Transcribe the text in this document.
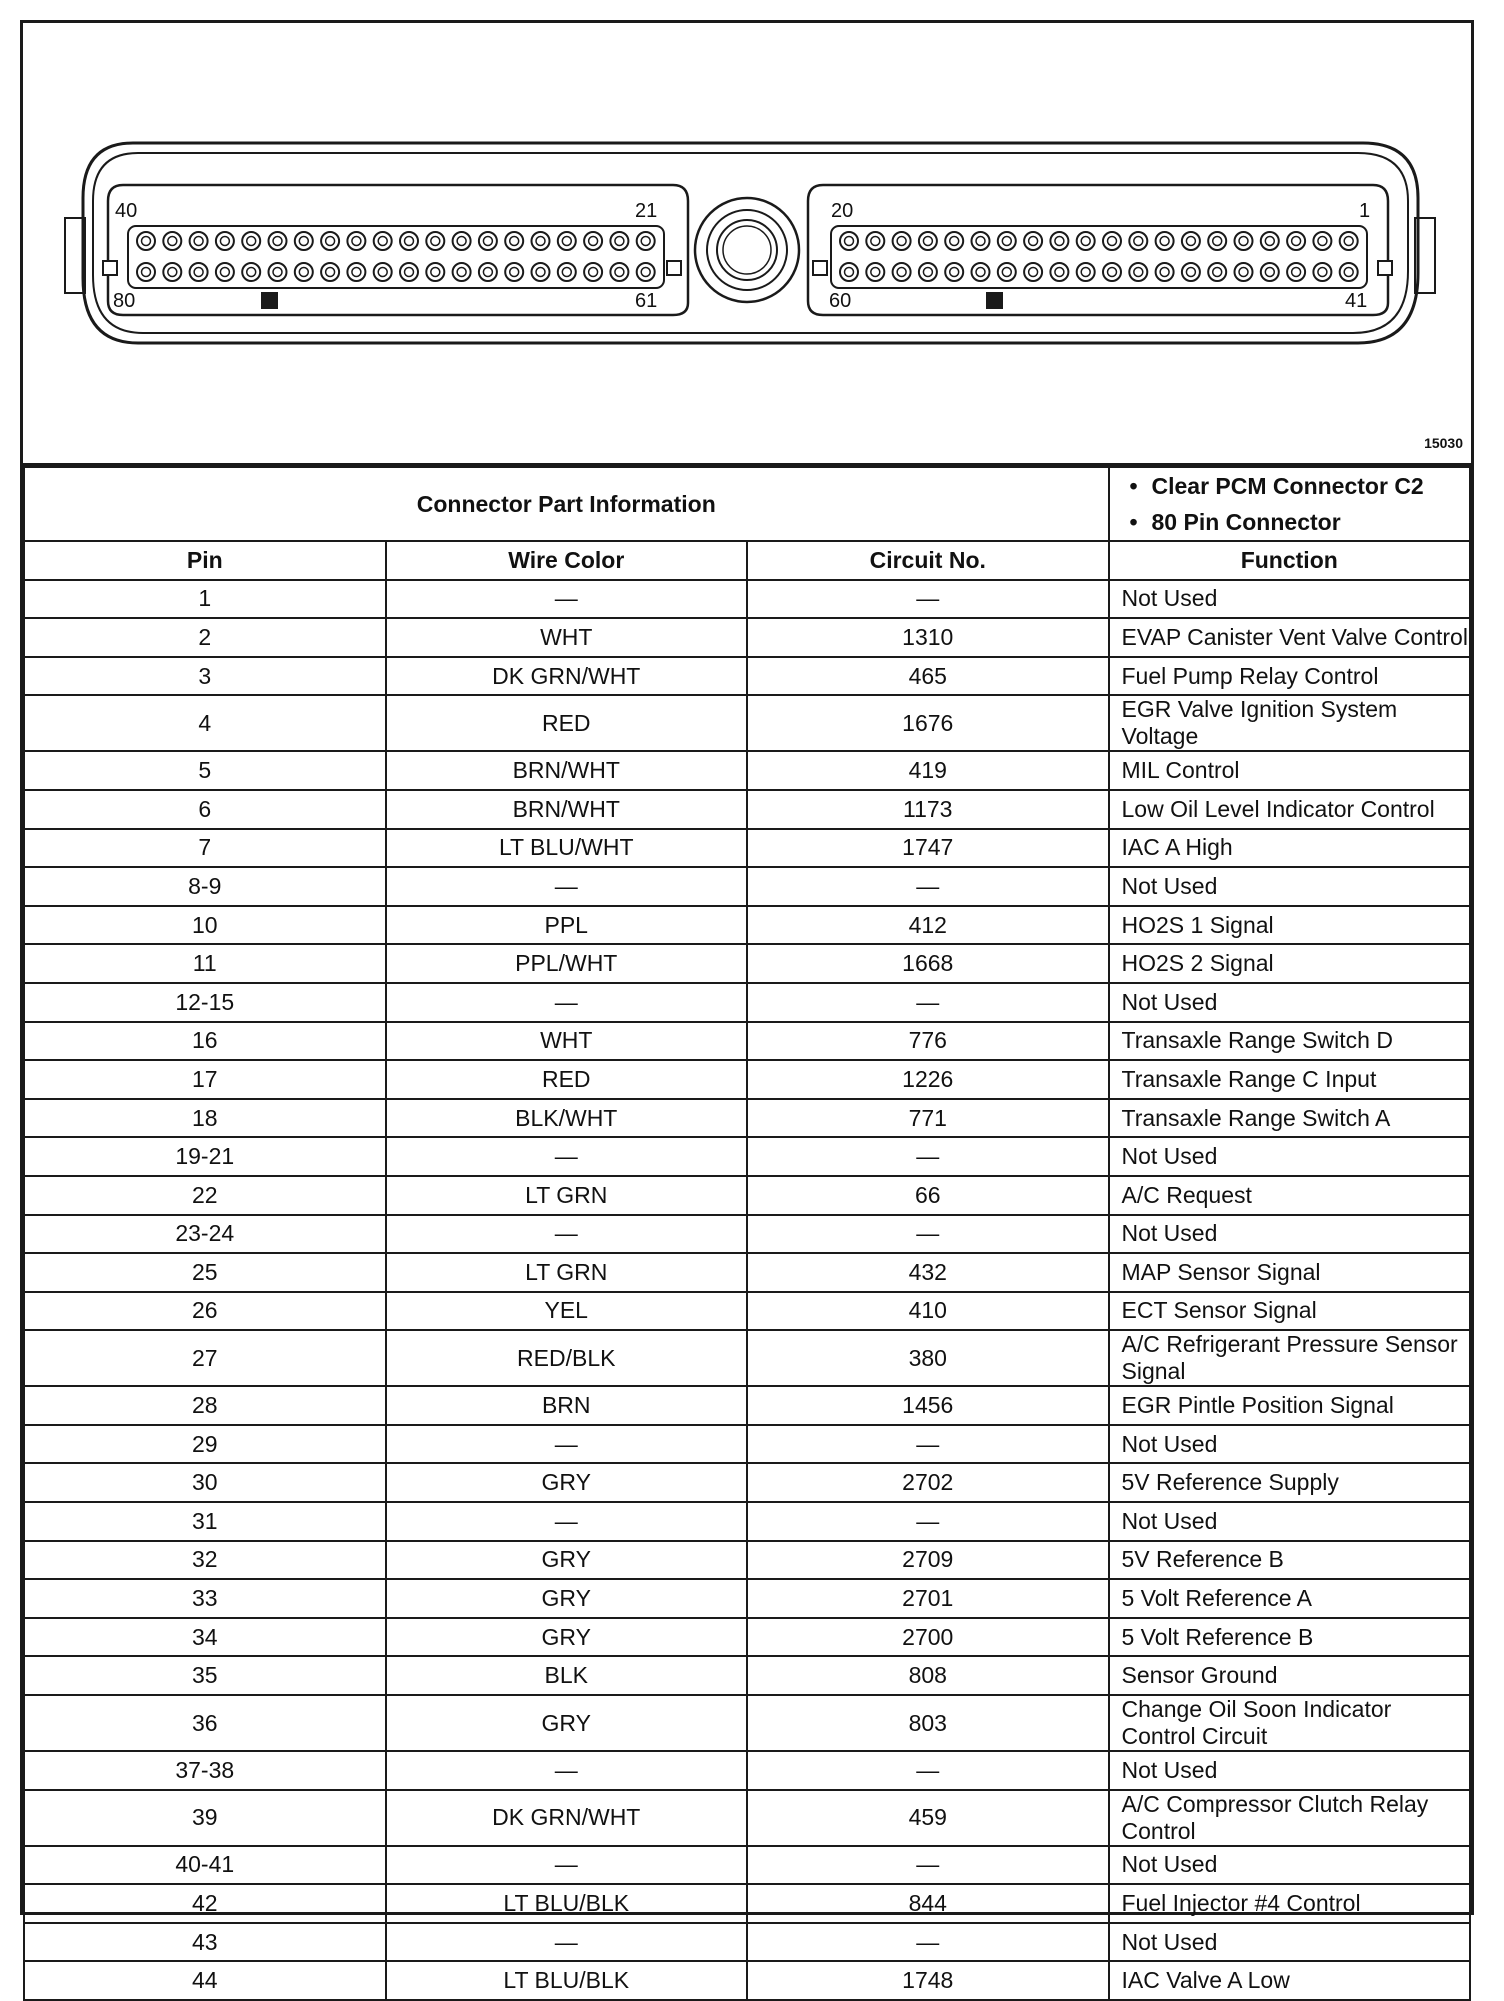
40	21
80	61
20	1
60	41
15030
Connector Part Information			• Clear PCM Connector C2
• 80 Pin Connector

Pin	Wire Color	Circuit No.	Function
1	—	—	Not Used
2	WHT	1310	EVAP Canister Vent Valve Control
3	DK GRN/WHT	465	Fuel Pump Relay Control
4	RED	1676	EGR Valve Ignition System Voltage
5	BRN/WHT	419	MIL Control
6	BRN/WHT	1173	Low Oil Level Indicator Control
7	LT BLU/WHT	1747	IAC A High
8-9	—	—	Not Used
10	PPL	412	HO2S 1 Signal
11	PPL/WHT	1668	HO2S 2 Signal
12-15	—	—	Not Used
16	WHT	776	Transaxle Range Switch D
17	RED	1226	Transaxle Range C Input
18	BLK/WHT	771	Transaxle Range Switch A
19-21	—	—	Not Used
22	LT GRN	66	A/C Request
23-24	—	—	Not Used
25	LT GRN	432	MAP Sensor Signal
26	YEL	410	ECT Sensor Signal
27	RED/BLK	380	A/C Refrigerant Pressure Sensor Signal
28	BRN	1456	EGR Pintle Position Signal
29	—	—	Not Used
30	GRY	2702	5V Reference Supply
31	—	—	Not Used
32	GRY	2709	5V Reference B
33	GRY	2701	5 Volt Reference A
34	GRY	2700	5 Volt Reference B
35	BLK	808	Sensor Ground
36	GRY	803	Change Oil Soon Indicator Control Circuit
37-38	—	—	Not Used
39	DK GRN/WHT	459	A/C Compressor Clutch Relay Control
40-41	—	—	Not Used
42	LT BLU/BLK	844	Fuel Injector #4 Control
43	—	—	Not Used
44	LT BLU/BLK	1748	IAC Valve A Low
